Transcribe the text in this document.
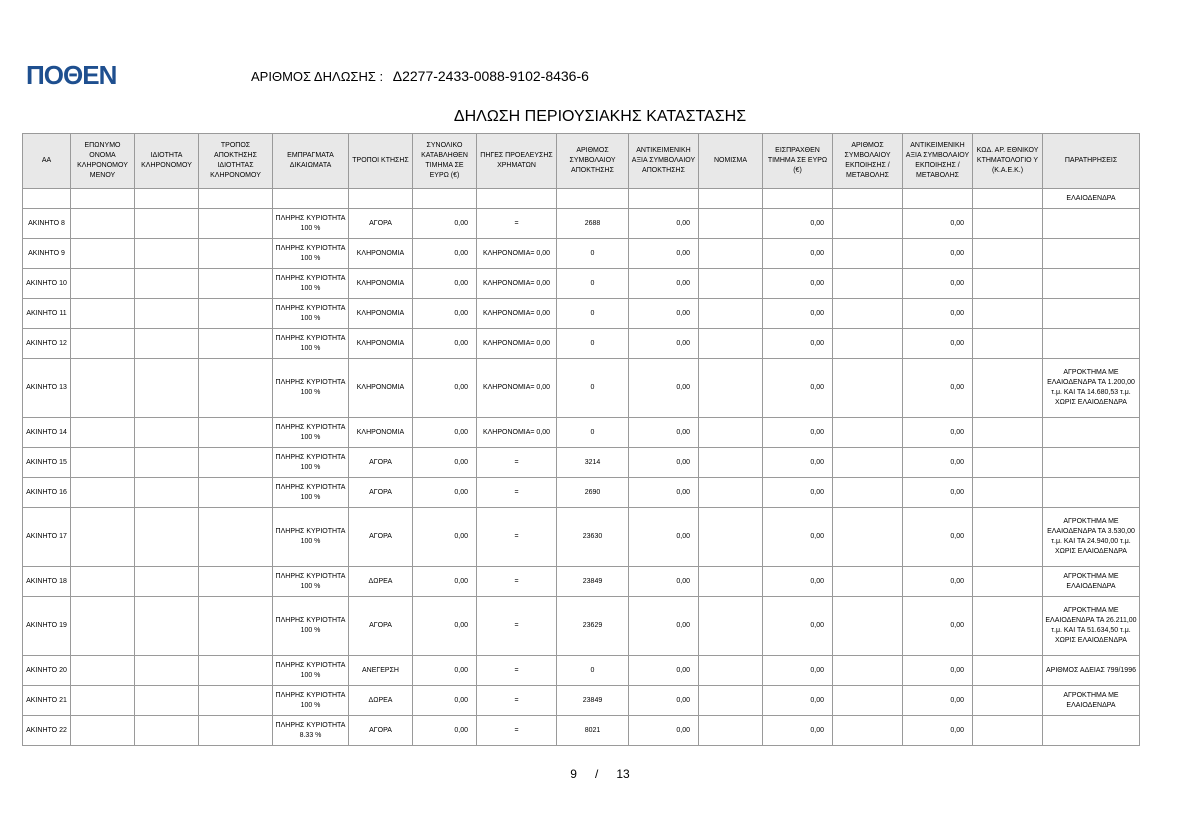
ΠΟΘΕΝ	ΑΡΙΘΜΟΣ ΔΗΛΩΣΗΣ : Δ2277-2433-0088-9102-8436-6
ΔΗΛΩΣΗ ΠΕΡΙΟΥΣΙΑΚΗΣ ΚΑΤΑΣΤΑΣΗΣ
ΑΑ	ΕΠΩΝΥΜΟ ΟΝΟΜΑ ΚΛΗΡΟΝΟΜΟΥ ΜΕΝΟΥ	ΙΔΙΟΤΗΤΑ ΚΛΗΡΟΝΟΜΟΥ	ΤΡΟΠΟΣ ΑΠΟΚΤΗΣΗΣ ΙΔΙΟΤΗΤΑΣ ΚΛΗΡΟΝΟΜΟΥ	ΕΜΠΡΑΓΜΑΤΑ ΔΙΚΑΙΩΜΑΤΑ	ΤΡΟΠΟΙ ΚΤΗΣΗΣ	ΣΥΝΟΛΙΚΟ ΚΑΤΑΒΛΗΘΕΝ ΤΙΜΗΜΑ ΣΕ ΕΥΡΩ (€)	ΠΗΓΕΣ ΠΡΟΕΛΕΥΣΗΣ ΧΡΗΜΑΤΩΝ	ΑΡΙΘΜΟΣ ΣΥΜΒΟΛΑΙΟΥ ΑΠΟΚΤΗΣΗΣ	ΑΝΤΙΚΕΙΜΕΝΙΚΗ ΑΞΙΑ ΣΥΜΒΟΛΑΙΟΥ ΑΠΟΚΤΗΣΗΣ	ΝΟΜΙΣΜΑ	ΕΙΣΠΡΑΧΘΕΝ ΤΙΜΗΜΑ ΣΕ ΕΥΡΩ (€)	ΑΡΙΘΜΟΣ ΣΥΜΒΟΛΑΙΟΥ ΕΚΠΟΙΗΣΗΣ /ΜΕΤΑΒΟΛΗΣ	ΑΝΤΙΚΕΙΜΕΝΙΚΗ ΑΞΙΑ ΣΥΜΒΟΛΑΙΟΥ ΕΚΠΟΙΗΣΗΣ / ΜΕΤΑΒΟΛΗΣ	ΚΩΔ. ΑΡ. ΕΘΝΙΚΟΥ ΚΤΗΜΑΤΟΛΟΓΙΟ Υ (Κ.Α.Ε.Κ.)	ΠΑΡΑΤΗΡΗΣΕΙΣ
															ΕΛΑΙΟΔΕΝΔΡΑ
ΑΚΙΝΗΤΟ 8				ΠΛΗΡΗΣ ΚΥΡΙΟΤΗΤΑ 100 %	ΑΓΟΡΑ	0,00	=	2688	0,00		0,00		0,00		
ΑΚΙΝΗΤΟ 9				ΠΛΗΡΗΣ ΚΥΡΙΟΤΗΤΑ 100 %	ΚΛΗΡΟΝΟΜΙΑ	0,00	ΚΛΗΡΟΝΟΜΙΑ= 0,00	0	0,00		0,00		0,00		
ΑΚΙΝΗΤΟ 10				ΠΛΗΡΗΣ ΚΥΡΙΟΤΗΤΑ 100 %	ΚΛΗΡΟΝΟΜΙΑ	0,00	ΚΛΗΡΟΝΟΜΙΑ= 0,00	0	0,00		0,00		0,00		
ΑΚΙΝΗΤΟ 11				ΠΛΗΡΗΣ ΚΥΡΙΟΤΗΤΑ 100 %	ΚΛΗΡΟΝΟΜΙΑ	0,00	ΚΛΗΡΟΝΟΜΙΑ= 0,00	0	0,00		0,00		0,00		
ΑΚΙΝΗΤΟ 12				ΠΛΗΡΗΣ ΚΥΡΙΟΤΗΤΑ 100 %	ΚΛΗΡΟΝΟΜΙΑ	0,00	ΚΛΗΡΟΝΟΜΙΑ= 0,00	0	0,00		0,00		0,00		
ΑΚΙΝΗΤΟ 13				ΠΛΗΡΗΣ ΚΥΡΙΟΤΗΤΑ 100 %	ΚΛΗΡΟΝΟΜΙΑ	0,00	ΚΛΗΡΟΝΟΜΙΑ= 0,00	0	0,00		0,00		0,00		ΑΓΡΟΚΤΗΜΑ ΜΕ ΕΛΑΙΟΔΕΝΔΡΑ ΤΑ 1.200,00 τ.μ. ΚΑΙ ΤΑ 14.680,53 τ.μ. ΧΩΡΙΣ ΕΛΑΙΟΔΕΝΔΡΑ
ΑΚΙΝΗΤΟ 14				ΠΛΗΡΗΣ ΚΥΡΙΟΤΗΤΑ 100 %	ΚΛΗΡΟΝΟΜΙΑ	0,00	ΚΛΗΡΟΝΟΜΙΑ= 0,00	0	0,00		0,00		0,00		
ΑΚΙΝΗΤΟ 15				ΠΛΗΡΗΣ ΚΥΡΙΟΤΗΤΑ 100 %	ΑΓΟΡΑ	0,00	=	3214	0,00		0,00		0,00		
ΑΚΙΝΗΤΟ 16				ΠΛΗΡΗΣ ΚΥΡΙΟΤΗΤΑ 100 %	ΑΓΟΡΑ	0,00	=	2690	0,00		0,00		0,00		
ΑΚΙΝΗΤΟ 17				ΠΛΗΡΗΣ ΚΥΡΙΟΤΗΤΑ 100 %	ΑΓΟΡΑ	0,00	=	23630	0,00		0,00		0,00		ΑΓΡΟΚΤΗΜΑ ΜΕ ΕΛΑΙΟΔΕΝΔΡΑ ΤΑ 3.530,00 τ.μ. ΚΑΙ ΤΑ 24.940,00 τ.μ. ΧΩΡΙΣ ΕΛΑΙΟΔΕΝΔΡΑ
ΑΚΙΝΗΤΟ 18				ΠΛΗΡΗΣ ΚΥΡΙΟΤΗΤΑ 100 %	ΔΩΡΕΑ	0,00	=	23849	0,00		0,00		0,00		ΑΓΡΟΚΤΗΜΑ ΜΕ ΕΛΑΙΟΔΕΝΔΡΑ
ΑΚΙΝΗΤΟ 19				ΠΛΗΡΗΣ ΚΥΡΙΟΤΗΤΑ 100 %	ΑΓΟΡΑ	0,00	=	23629	0,00		0,00		0,00		ΑΓΡΟΚΤΗΜΑ ΜΕ ΕΛΑΙΟΔΕΝΔΡΑ ΤΑ 26.211,00 τ.μ. ΚΑΙ ΤΑ 51.634,50 τ.μ. ΧΩΡΙΣ ΕΛΑΙΟΔΕΝΔΡΑ
ΑΚΙΝΗΤΟ 20				ΠΛΗΡΗΣ ΚΥΡΙΟΤΗΤΑ 100 %	ΑΝΕΓΕΡΣΗ	0,00	=	0	0,00		0,00		0,00		ΑΡΙΘΜΟΣ ΑΔΕΙΑΣ 799/1996
ΑΚΙΝΗΤΟ 21				ΠΛΗΡΗΣ ΚΥΡΙΟΤΗΤΑ 100 %	ΔΩΡΕΑ	0,00	=	23849	0,00		0,00		0,00		ΑΓΡΟΚΤΗΜΑ ΜΕ ΕΛΑΙΟΔΕΝΔΡΑ
ΑΚΙΝΗΤΟ 22				ΠΛΗΡΗΣ ΚΥΡΙΟΤΗΤΑ 8.33 %	ΑΓΟΡΑ	0,00	=	8021	0,00		0,00		0,00		
9 / 13
